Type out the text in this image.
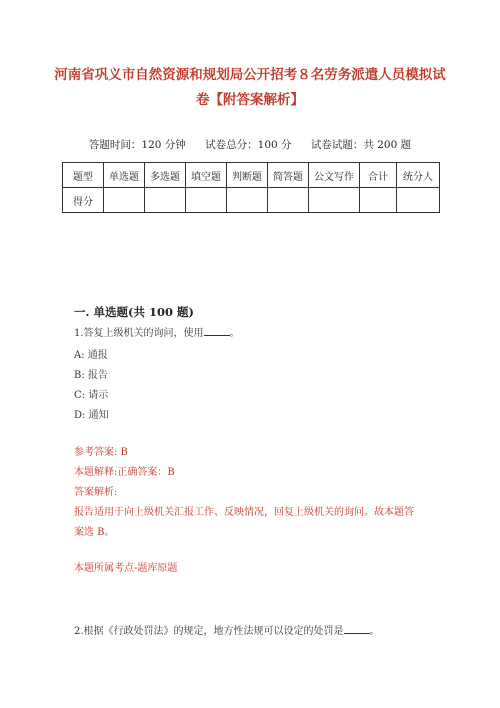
河南省巩义市自然资源和规划局公开招考８名劳务派遣人员模拟试
卷【附答案解析】
答题时间：120 分钟 试卷总分：100 分 试卷试题：共 200 题
题型	单选题	多选题	填空题	判断题	简答题	公文写作	合计	统分人
得分								
一. 单选题(共 100 题)
1.答复上级机关的询问，使用	。
A: 通报
B: 报告
C: 请示
D: 通知
参考答案: B
本题解释:正确答案：B
答案解析:
报告适用于向上级机关汇报工作、反映情况，回复上级机关的询问。故本题答
案选 B。
本题所属考点-题库原题
2.根据《行政处罚法》的规定，地方性法规可以设定的处罚是	。
